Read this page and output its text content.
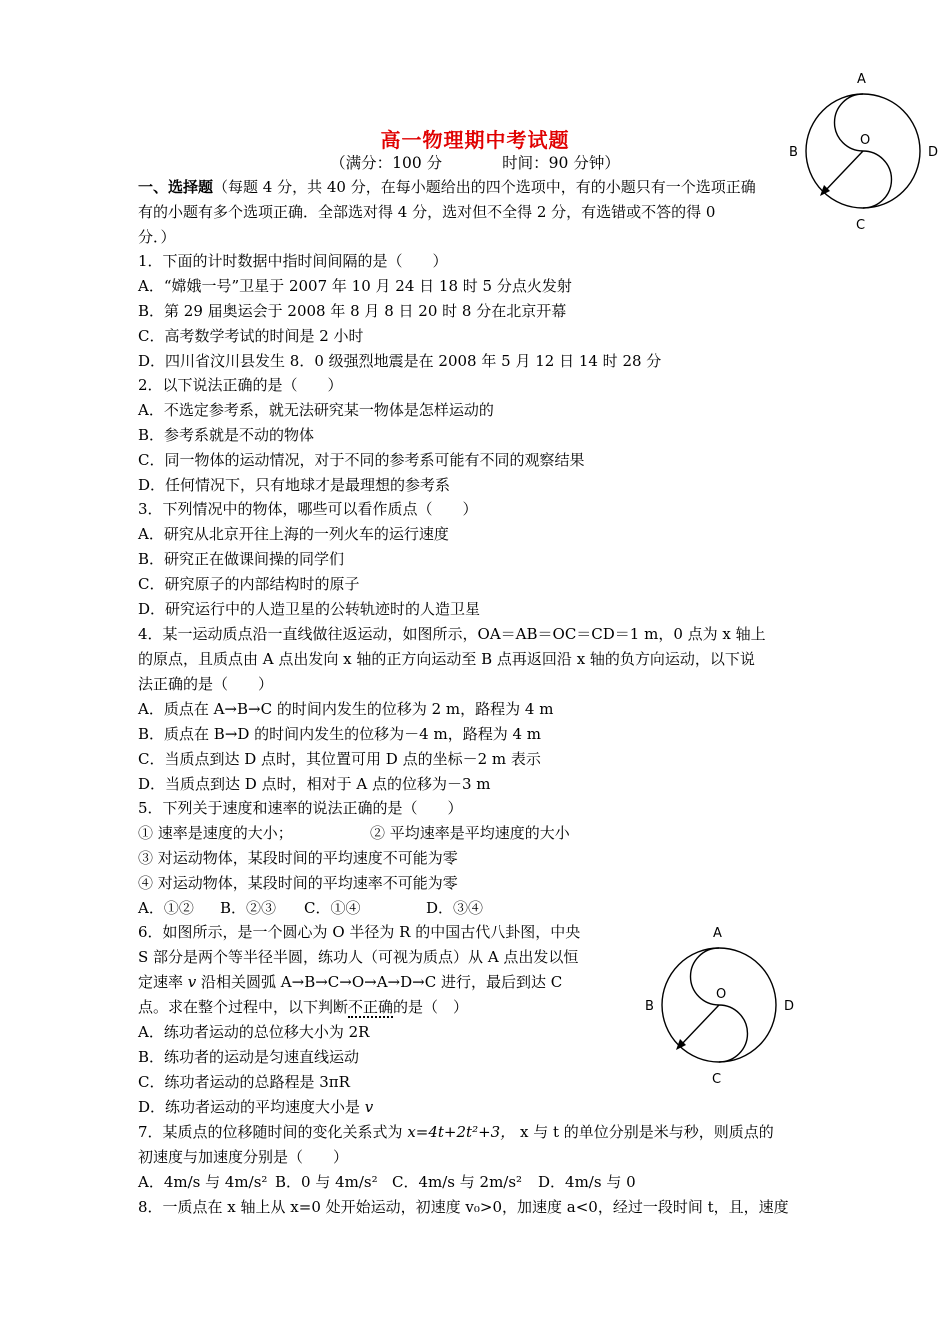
A
B
O
D
C
高一物理期中考试题
（满分：100 分	时间：90 分钟）
一、选择题（每题 4 分，共 40 分，在每小题给出的四个选项中，有的小题只有一个选项正确
有的小题有多个选项正确．全部选对得 4 分，选对但不全得 2 分，有选错或不答的得 0
分．）
1．下面的计时数据中指时间间隔的是（　　）
A．“嫦娥一号”卫星于 2007 年 10 月 24 日 18 时 5 分点火发射
B．第 29 届奥运会于 2008 年 8 月 8 日 20 时 8 分在北京开幕
C．高考数学考试的时间是 2 小时
D．四川省汶川县发生 8．0 级强烈地震是在 2008 年 5 月 12 日 14 时 28 分
2．以下说法正确的是（　　）
A．不选定参考系，就无法研究某一物体是怎样运动的
B．参考系就是不动的物体
C．同一物体的运动情况，对于不同的参考系可能有不同的观察结果
D．任何情况下，只有地球才是最理想的参考系
3．下列情况中的物体，哪些可以看作质点（　　）
A．研究从北京开往上海的一列火车的运行速度
B．研究正在做课间操的同学们
C．研究原子的内部结构时的原子
D．研究运行中的人造卫星的公转轨迹时的人造卫星
4．某一运动质点沿一直线做往返运动，如图所示，OA＝AB＝OC＝CD＝1 m，0 点为 x 轴上
的原点，且质点由 A 点出发向 x 轴的正方向运动至 B 点再返回沿 x 轴的负方向运动，以下说
法正确的是（　　）
A．质点在 A→B→C 的时间内发生的位移为 2 m，路程为 4 m
B．质点在 B→D 的时间内发生的位移为－4 m，路程为 4 m
C．当质点到达 D 点时，其位置可用 D 点的坐标－2 m 表示
D．当质点到达 D 点时，相对于 A 点的位移为－3 m
5．下列关于速度和速率的说法正确的是（　　）
① 速率是速度的大小；	② 平均速率是平均速度的大小
③ 对运动物体，某段时间的平均速度不可能为零
④ 对运动物体，某段时间的平均速率不可能为零
A．①② B．②③ C．①④	D．③④
6．如图所示，是一个圆心为 O 半径为 R 的中国古代八卦图，中央
S 部分是两个等半径半圆，练功人（可视为质点）从 A 点出发以恒
定速率 v 沿相关圆弧 A→B→C→O→A→D→C 进行，最后到达 C
点。求在整个过程中，以下判断不正确的是（　）
A．练功者运动的总位移大小为 2R
B．练功者的运动是匀速直线运动
C．练功者运动的总路程是 3πR
D．练功者运动的平均速度大小是 v
A
B
O
D
C
7．某质点的位移随时间的变化关系式为 x=4t+2t²+3， x 与 t 的单位分别是米与秒，则质点的
初速度与加速度分别是（　　）
A．4m/s 与 4m/s² B．0 与 4m/s² C．4m/s 与 2m/s² D．4m/s 与 0
8．一质点在 x 轴上从 x=0 处开始运动，初速度 v₀>0，加速度 a<0，经过一段时间 t，且，速度
